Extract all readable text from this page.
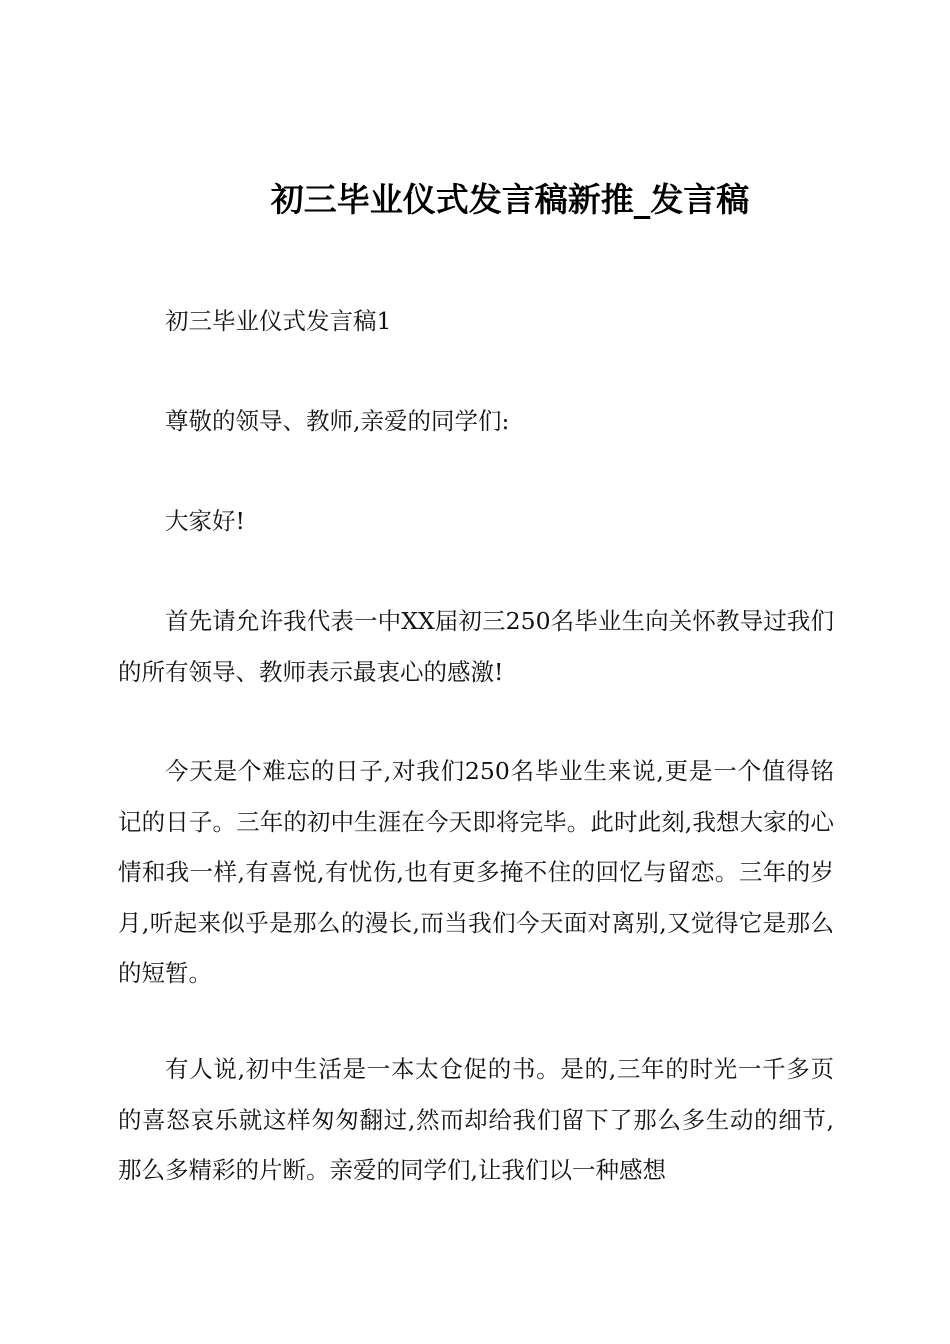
初三毕业仪式发言稿新推_发言稿

初三毕业仪式发言稿1

尊敬的领导、教师,亲爱的同学们:

大家好!

首先请允许我代表一中XX届初三250名毕业生向关怀教导过我们的所有领导、教师表示最衷心的感激!

今天是个难忘的日子,对我们250名毕业生来说,更是一个值得铭记的日子。三年的初中生涯在今天即将完毕。此时此刻,我想大家的心情和我一样,有喜悦,有忧伤,也有更多掩不住的回忆与留恋。三年的岁月,听起来似乎是那么的漫长,而当我们今天面对离别,又觉得它是那么的短暂。

有人说,初中生活是一本太仓促的书。是的,三年的时光一千多页的喜怒哀乐就这样匆匆翻过,然而却给我们留下了那么多生动的细节,那么多精彩的片断。亲爱的同学们,让我们以一种感想
